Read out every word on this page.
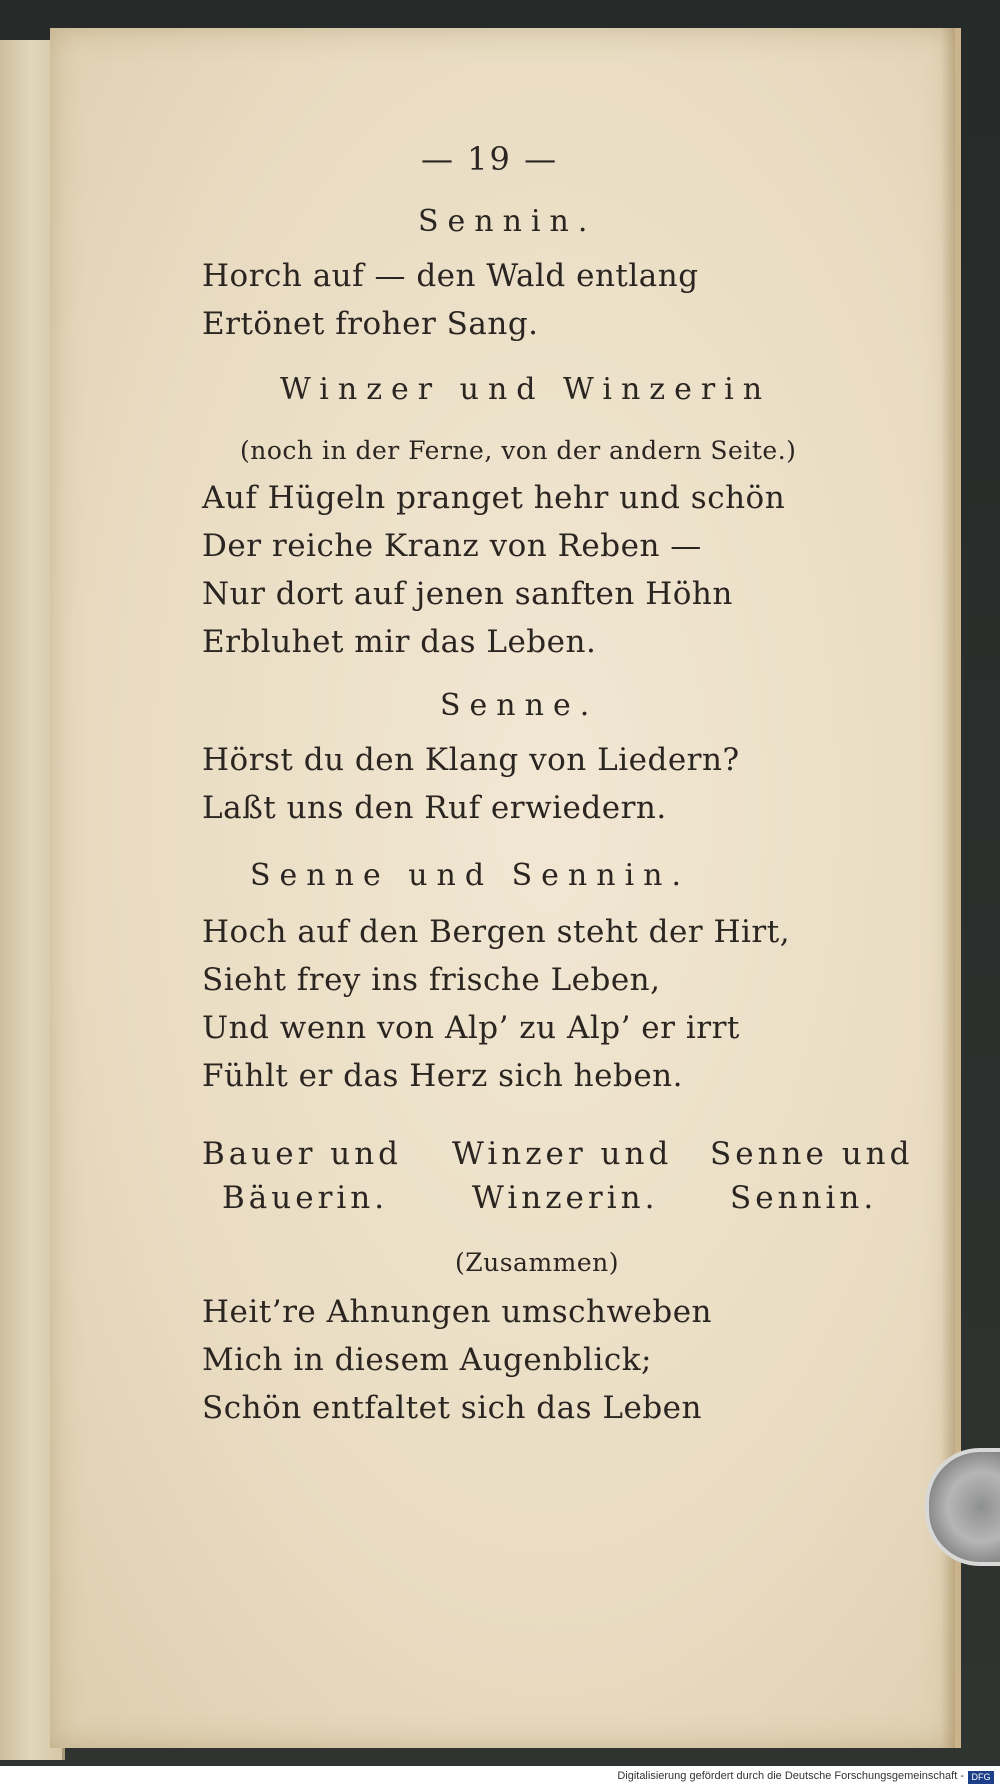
— 19 —
Sennin.
Horch auf — den Wald entlang
Ertönet froher Sang.
Winzer und Winzerin
(noch in der Ferne, von der andern Seite.)
Auf Hügeln pranget hehr und schön
Der reiche Kranz von Reben —
Nur dort auf jenen sanften Höhn
Erbluhet mir das Leben.
Senne.
Hörst du den Klang von Liedern?
Laßt uns den Ruf erwiedern.
Senne und Sennin.
Hoch auf den Bergen steht der Hirt,
Sieht frey ins frische Leben,
Und wenn von Alp’ zu Alp’ er irrt
Fühlt er das Herz sich heben.
Bauer und
Bäuerin.
Winzer und
Winzerin.
Senne und
Sennin.
(Zusammen)
Heit’re Ahnungen umschweben
Mich in diesem Augenblick;
Schön entfaltet sich das Leben
Digitalisierung gefördert durch die Deutsche Forschungsgemeinschaft - DFG
